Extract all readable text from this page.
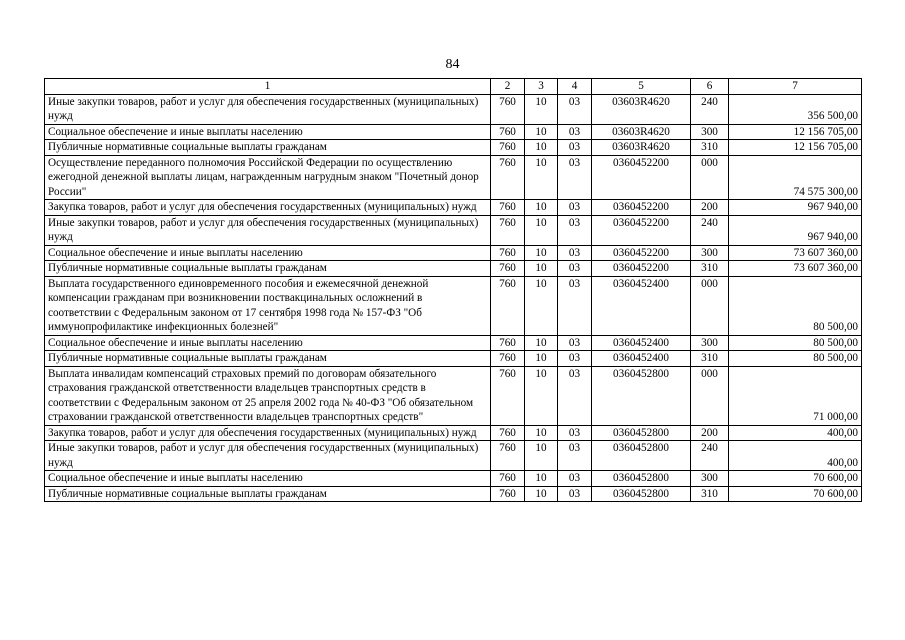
84
1	2	3	4	5	6	7
Иные закупки товаров, работ и услуг для обеспечения государственных (муниципальных) нужд	760	10	03	03603R4620	240	356 500,00
Социальное обеспечение и иные выплаты населению	760	10	03	03603R4620	300	12 156 705,00
Публичные нормативные социальные выплаты гражданам	760	10	03	03603R4620	310	12 156 705,00
Осуществление переданного полномочия Российской Федерации по осуществлению ежегодной денежной выплаты лицам, награжденным нагрудным знаком "Почетный донор России"	760	10	03	0360452200	000	74 575 300,00
Закупка товаров, работ и услуг для обеспечения государственных (муниципальных) нужд	760	10	03	0360452200	200	967 940,00
Иные закупки товаров, работ и услуг для обеспечения государственных (муниципальных) нужд	760	10	03	0360452200	240	967 940,00
Социальное обеспечение и иные выплаты населению	760	10	03	0360452200	300	73 607 360,00
Публичные нормативные социальные выплаты гражданам	760	10	03	0360452200	310	73 607 360,00
Выплата государственного единовременного пособия и ежемесячной денежной компенсации гражданам при возникновении поствакцинальных осложнений в соответствии с Федеральным законом от 17 сентября 1998 года № 157-ФЗ "Об иммунопрофилактике инфекционных болезней"	760	10	03	0360452400	000	80 500,00
Социальное обеспечение и иные выплаты населению	760	10	03	0360452400	300	80 500,00
Публичные нормативные социальные выплаты гражданам	760	10	03	0360452400	310	80 500,00
Выплата инвалидам компенсаций страховых премий по договорам обязательного страхования гражданской ответственности владельцев транспортных средств в соответствии с Федеральным законом от 25 апреля 2002 года № 40-ФЗ "Об обязательном страховании гражданской ответственности владельцев транспортных средств"	760	10	03	0360452800	000	71 000,00
Закупка товаров, работ и услуг для обеспечения государственных (муниципальных) нужд	760	10	03	0360452800	200	400,00
Иные закупки товаров, работ и услуг для обеспечения государственных (муниципальных) нужд	760	10	03	0360452800	240	400,00
Социальное обеспечение и иные выплаты населению	760	10	03	0360452800	300	70 600,00
Публичные нормативные социальные выплаты гражданам	760	10	03	0360452800	310	70 600,00
